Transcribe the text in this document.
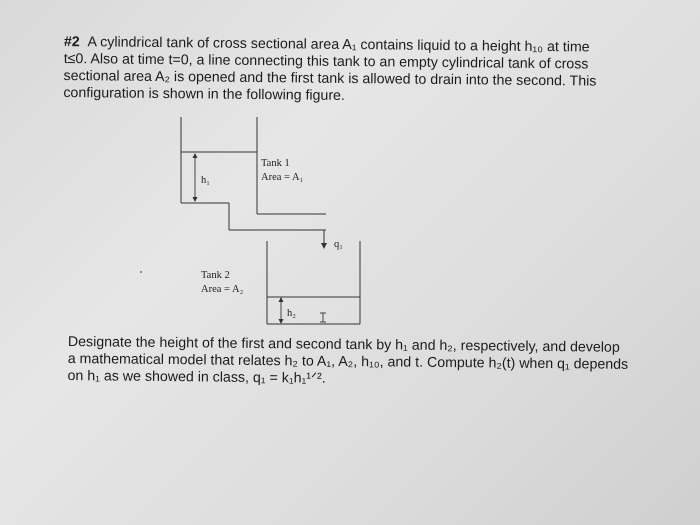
#2 A cylindrical tank of cross sectional area A₁ contains liquid to a height h₁₀ at time

t≤0. Also at time t=0, a line connecting this tank to an empty cylindrical tank of cross

sectional area A₂ is opened and the first tank is allowed to drain into the second. This

configuration is shown in the following figure.

Tank 1
Area = A₁
h₁
q₁
Tank 2
Area = A₂
h₂

Designate the height of the first and second tank by h₁ and h₂, respectively, and develop

a mathematical model that relates h₂ to A₁, A₂, h₁₀, and t. Compute h₂(t) when q₁ depends

on h₁ as we showed in class, q₁ = k₁h₁¹ᐟ².
